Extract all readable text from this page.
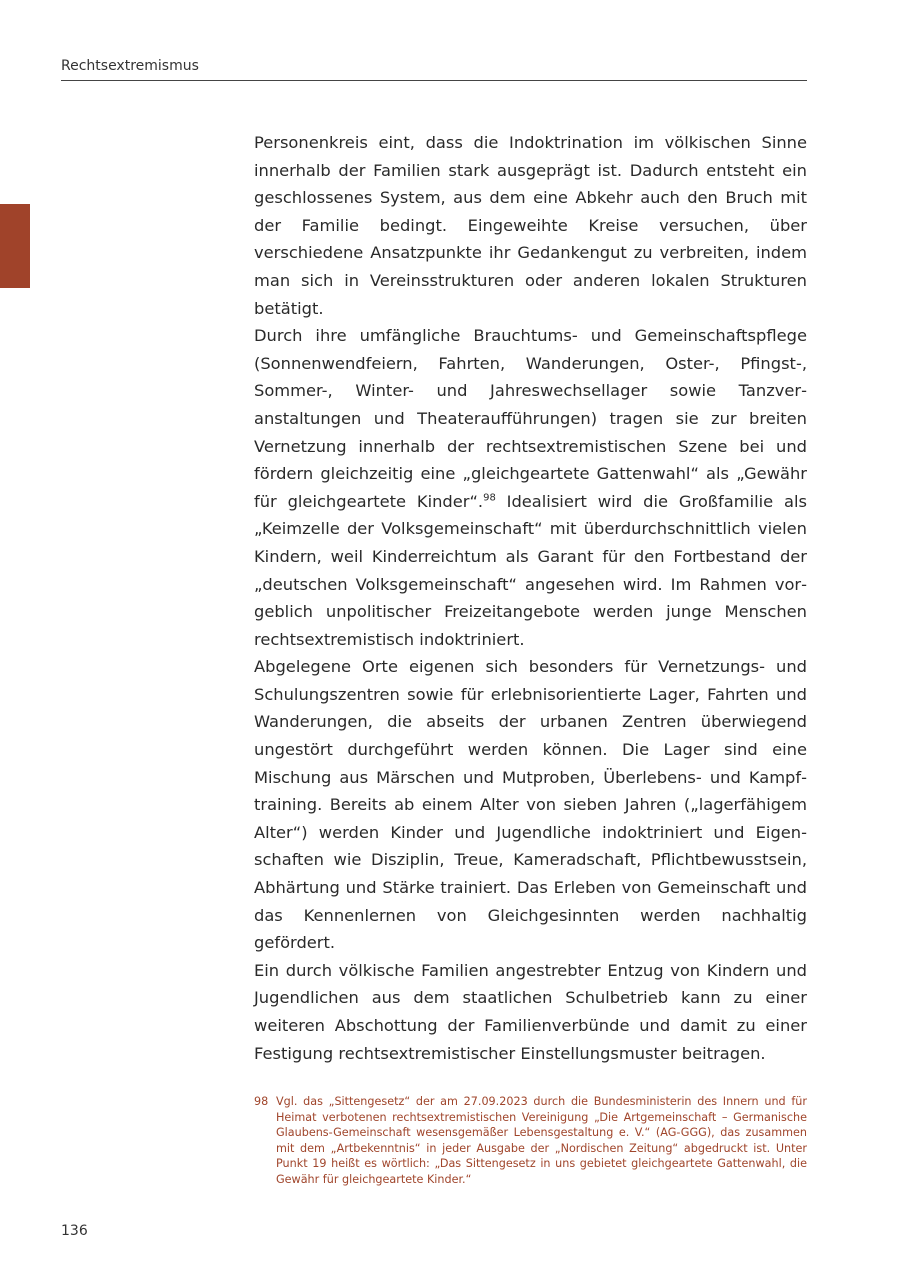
Rechtsextremismus

Personenkreis eint, dass die Indoktrination im völkischen Sinne innerhalb der Familien stark ausgeprägt ist. Dadurch entsteht ein geschlossenes System, aus dem eine Abkehr auch den Bruch mit der Familie bedingt. Eingeweihte Kreise versuchen, über verschiedene Ansatzpunkte ihr Gedankengut zu verbreiten, indem man sich in Vereinsstrukturen oder anderen lokalen Strukturen betätigt.

Durch ihre umfängliche Brauchtums- und Gemeinschaftspflege (Sonnenwendfeiern, Fahrten, Wanderungen, Oster-, Pfingst-, Sommer-, Winter- und Jahreswechsellager sowie Tanzveranstaltungen und Theateraufführungen) tragen sie zur breiten Vernetzung innerhalb der rechtsextremistischen Szene bei und fördern gleichzeitig eine „gleichgeartete Gattenwahl“ als „Gewähr für gleichgeartete Kinder“.$^{98}$ Idealisiert wird die Großfamilie als „Keimzelle der Volksgemeinschaft“ mit überdurchschnittlich vielen Kindern, weil Kinderreichtum als Garant für den Fortbestand der „deutschen Volksgemeinschaft“ angesehen wird. Im Rahmen vorgeblich unpolitischer Freizeitangebote werden junge Menschen rechtsextremistisch indoktriniert.

Abgelegene Orte eigenen sich besonders für Vernetzungs- und Schulungszentren sowie für erlebnisorientierte Lager, Fahrten und Wanderungen, die abseits der urbanen Zentren überwiegend ungestört durchgeführt werden können. Die Lager sind eine Mischung aus Märschen und Mutproben, Überlebens- und Kampftraining. Bereits ab einem Alter von sieben Jahren („lagerfähigem Alter“) werden Kinder und Jugendliche indoktriniert und Eigenschaften wie Disziplin, Treue, Kameradschaft, Pflichtbewusstsein, Abhärtung und Stärke trainiert. Das Erleben von Gemeinschaft und das Kennenlernen von Gleichgesinnten werden nachhaltig gefördert.

Ein durch völkische Familien angestrebter Entzug von Kindern und Jugendlichen aus dem staatlichen Schulbetrieb kann zu einer weiteren Abschottung der Familienverbünde und damit zu einer Festigung rechtsextremistischer Einstellungsmuster beitragen.

98 Vgl. das „Sittengesetz“ der am 27.09.2023 durch die Bundesministerin des Innern und für Heimat verbotenen rechtsextremistischen Vereinigung „Die Artgemeinschaft – Germanische Glaubens-Gemeinschaft wesensgemäßer Lebensgestaltung e. V.“ (AG-GGG), das zusammen mit dem „Artbekenntnis“ in jeder Ausgabe der „Nordischen Zeitung“ abgedruckt ist. Unter Punkt 19 heißt es wörtlich: „Das Sittengesetz in uns gebietet gleichgeartete Gattenwahl, die Gewähr für gleichgeartete Kinder.“
136
